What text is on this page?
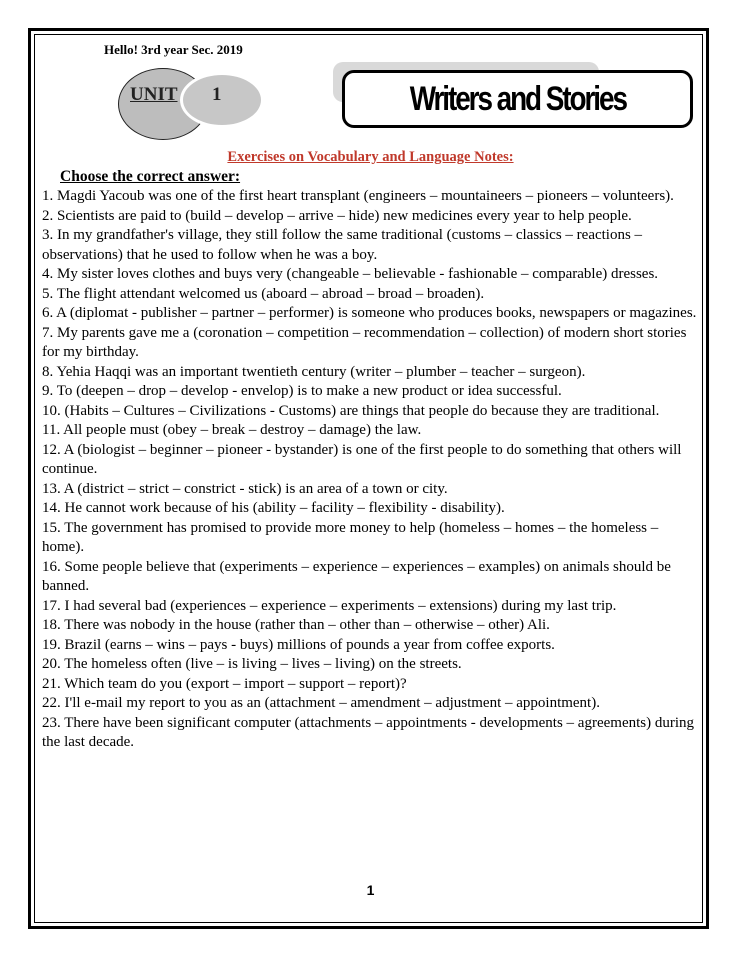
Hello! 3rd year Sec. 2019
UNIT 1	Writers and Stories
Exercises on Vocabulary and Language Notes:
Choose the correct answer:
1. Magdi Yacoub was one of the first heart transplant (engineers – mountaineers – pioneers – volunteers).
2. Scientists are paid to (build – develop – arrive – hide) new medicines every year to help people.
3. In my grandfather's village, they still follow the same traditional (customs – classics – reactions – observations) that he used to follow when he was a boy.
4. My sister loves clothes and buys very (changeable – believable - fashionable – comparable) dresses.
5. The flight attendant welcomed us (aboard – abroad – broad – broaden).
6. A (diplomat - publisher – partner – performer) is someone who produces books, newspapers or magazines.
7. My parents gave me a (coronation – competition – recommendation – collection) of modern short stories for my birthday.
8. Yehia Haqqi was an important twentieth century (writer – plumber – teacher – surgeon).
9. To (deepen – drop – develop - envelop) is to make a new product or idea successful.
10. (Habits – Cultures – Civilizations - Customs) are things that people do because they are traditional.
11. All people must (obey – break – destroy – damage) the law.
12. A (biologist – beginner – pioneer - bystander) is one of the first people to do something that others will continue.
13. A (district – strict – constrict - stick) is an area of a town or city.
14. He cannot work because of his (ability – facility – flexibility - disability).
15. The government has promised to provide more money to help (homeless – homes – the homeless – home).
16. Some people believe that (experiments – experience – experiences – examples) on animals should be banned.
17. I had several bad (experiences – experience – experiments – extensions) during my last trip.
18. There was nobody in the house (rather than – other than – otherwise – other) Ali.
19. Brazil (earns – wins – pays - buys) millions of pounds a year from coffee exports.
20. The homeless often (live – is living – lives – living) on the streets.
21. Which team do you (export – import – support – report)?
22. I'll e-mail my report to you as an (attachment – amendment – adjustment – appointment).
23. There have been significant computer (attachments – appointments - developments – agreements) during the last decade.
1
